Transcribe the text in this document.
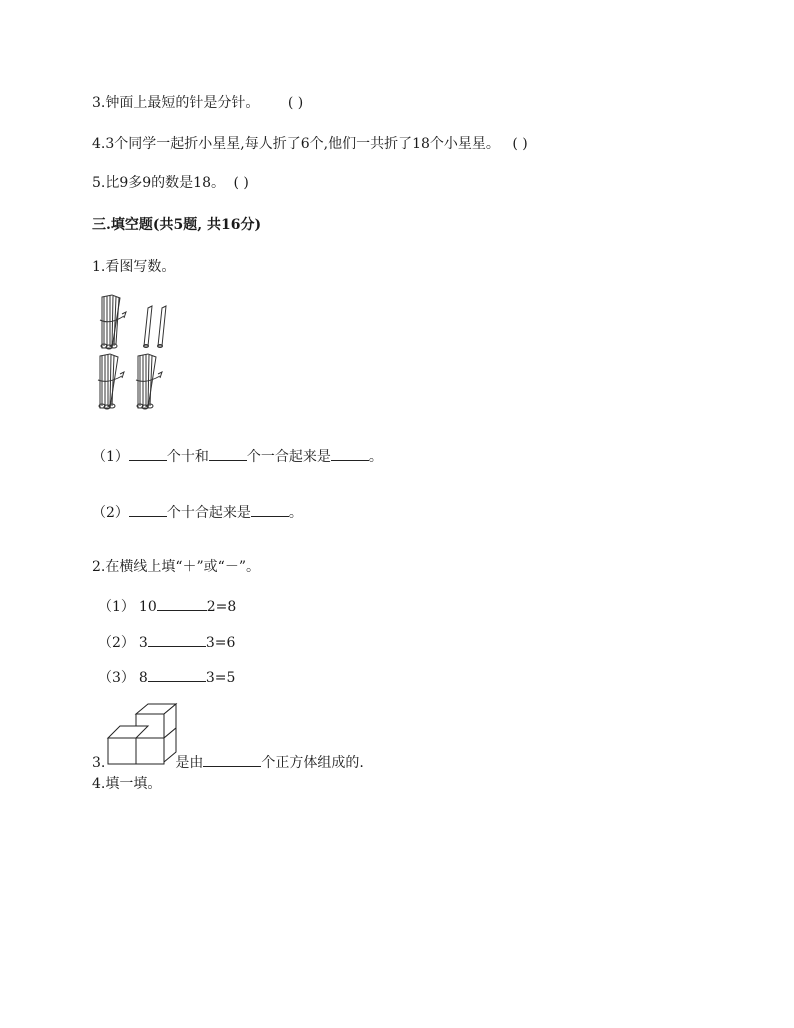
3.钟面上最短的针是分针。 ( )
4.3个同学一起折小星星,每人折了6个,他们一共折了18个小星星。 ( )
5.比9多9的数是18。 ( )
三.填空题(共5题, 共16分)
1.看图写数。
（1）	个十和	个一合起来是	。
（2）	个十合起来是	。
2.在横线上填“＋”或“－”。
（1） 10	2=8
（2） 3	3=6
（3） 8	3=5
3.	是由	个正方体组成的.
4.填一填。
